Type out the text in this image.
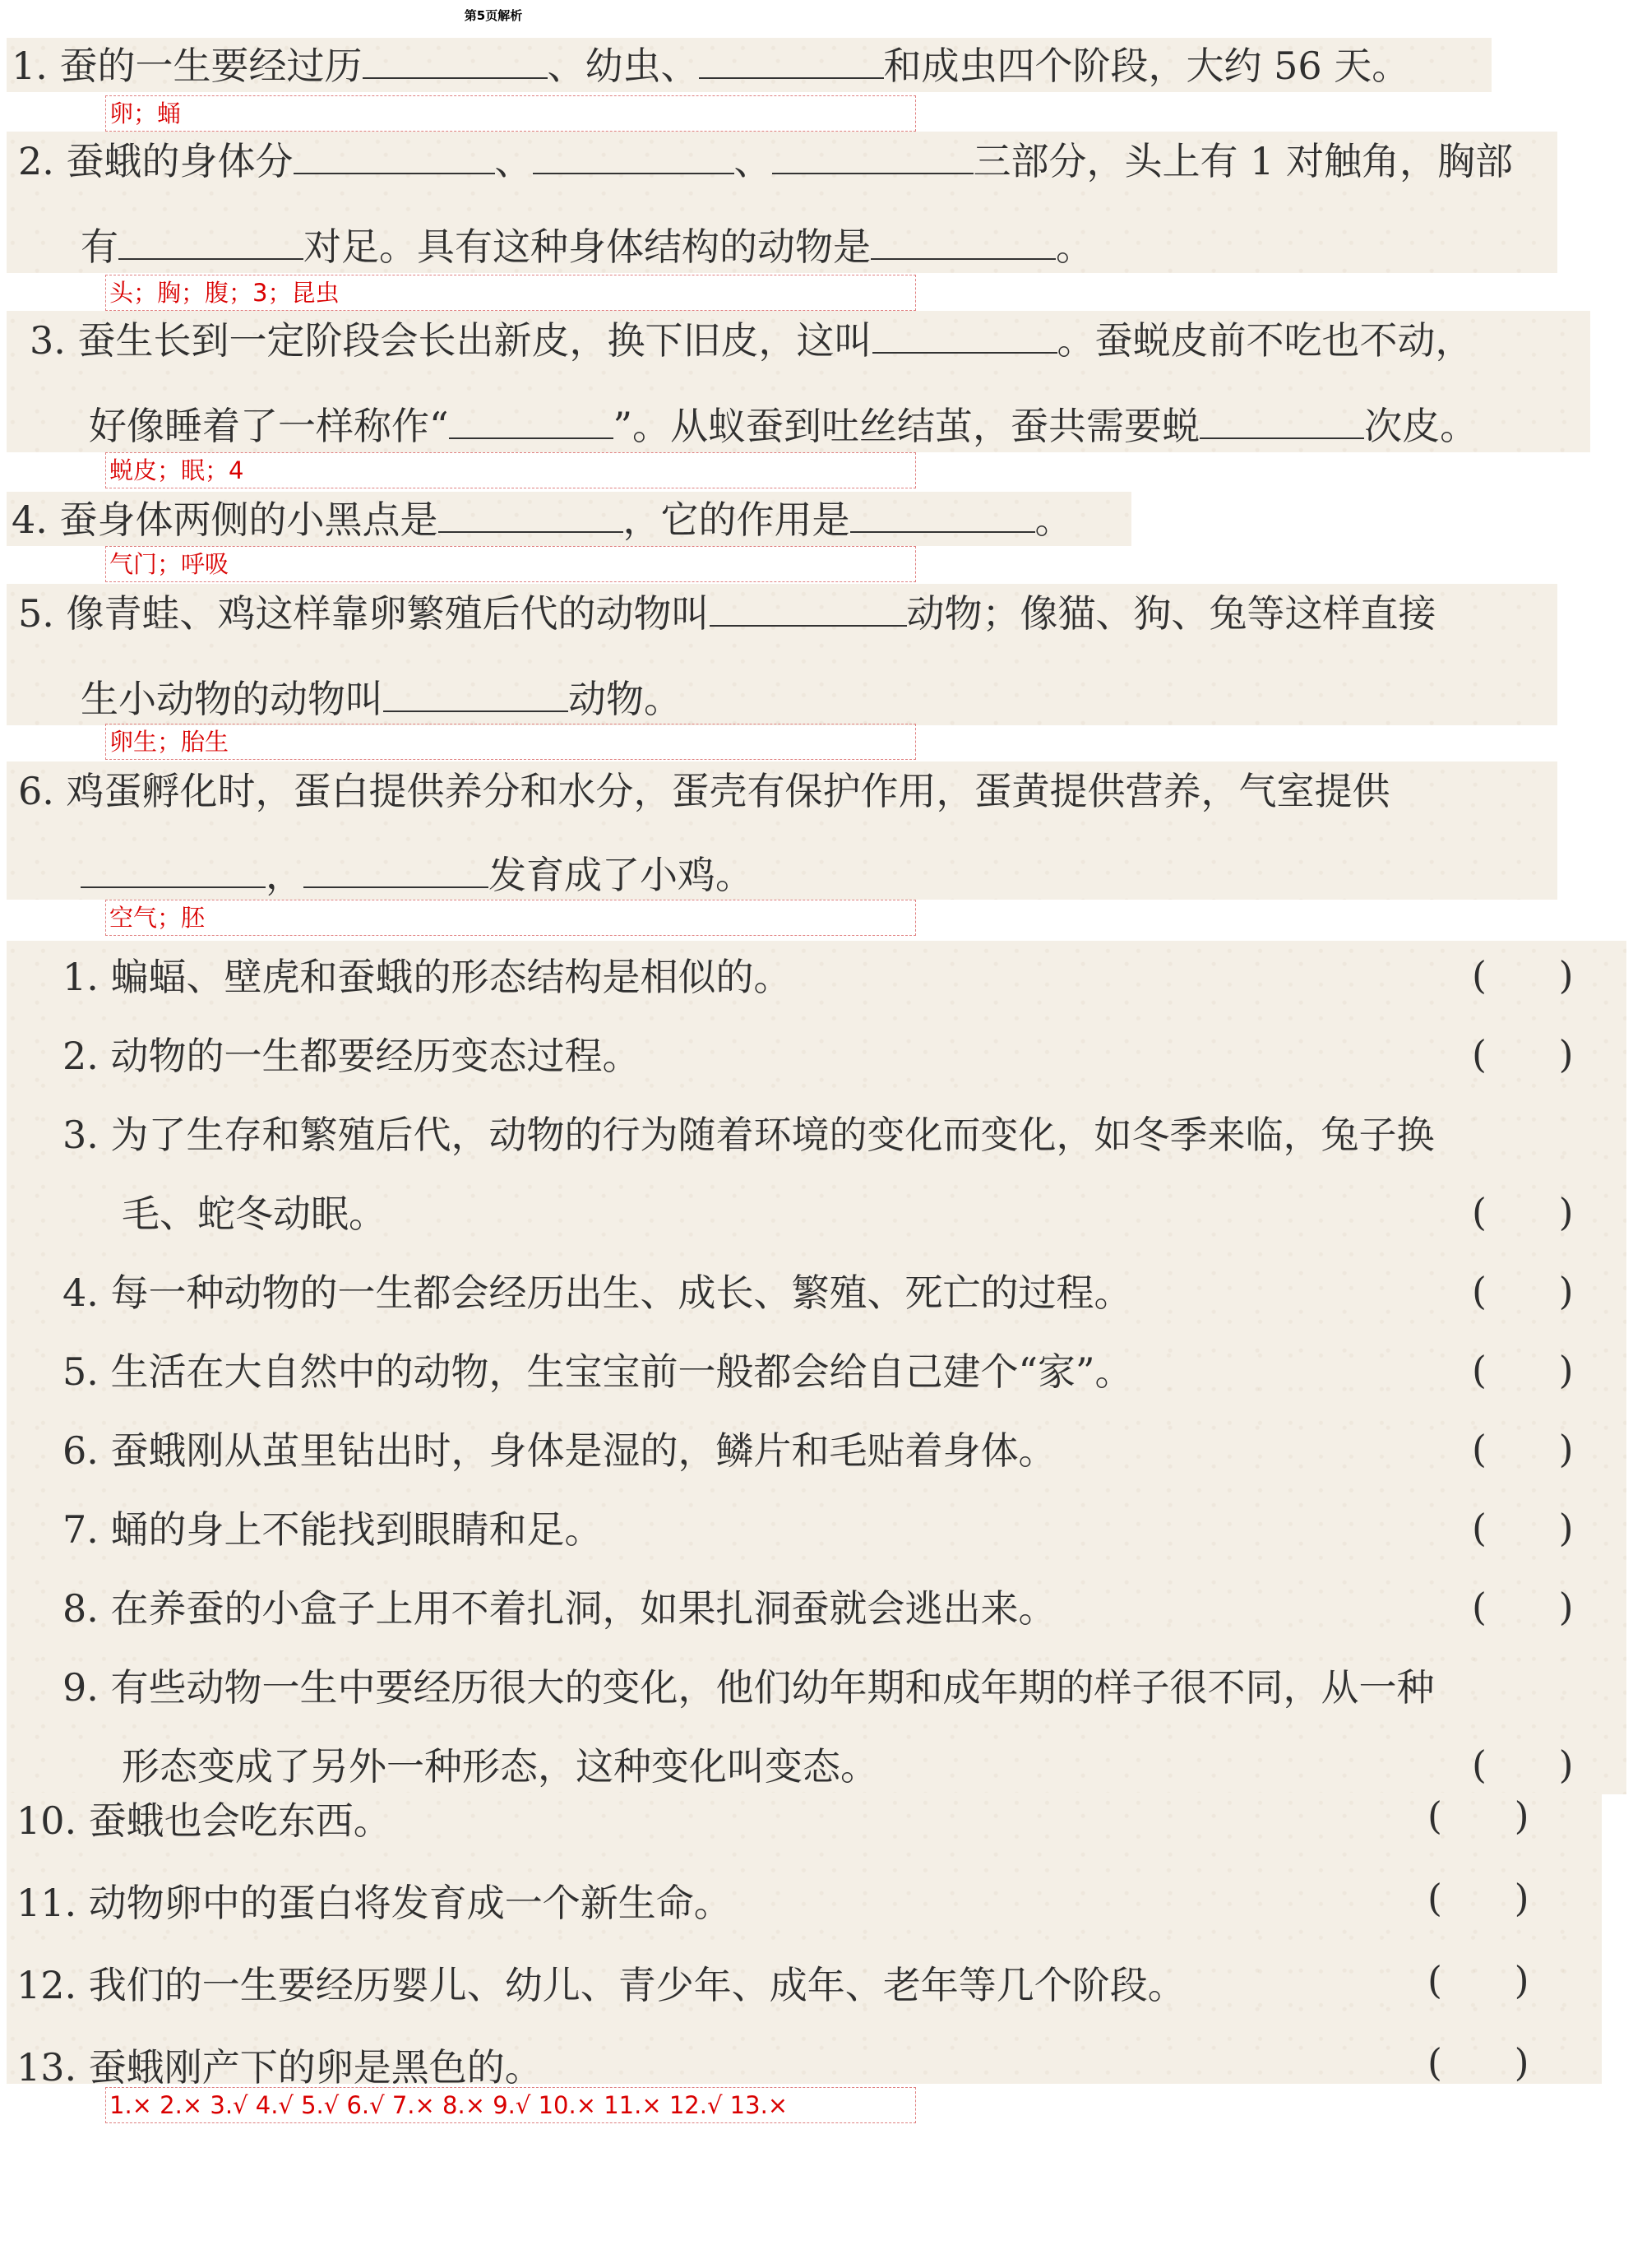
第5页解析
1. 蚕的一生要经过历	、幼虫、	和成虫四个阶段，大约 56 天。
卵；蛹
2. 蚕蛾的身体分	、	、	三部分，头上有 1 对触角，胸部
有	对足。具有这种身体结构的动物是	。
头；胸；腹；3；昆虫
3. 蚕生长到一定阶段会长出新皮，换下旧皮，这叫	。蚕蜕皮前不吃也不动，
好像睡着了一样称作“	”。从蚁蚕到吐丝结茧，蚕共需要蜕	次皮。
蜕皮；眠；4
4. 蚕身体两侧的小黑点是	，它的作用是	。
气门；呼吸
5. 像青蛙、鸡这样靠卵繁殖后代的动物叫	动物；像猫、狗、兔等这样直接
生小动物的动物叫	动物。
卵生；胎生
6. 鸡蛋孵化时，蛋白提供养分和水分，蛋壳有保护作用，蛋黄提供营养，气室提供
，	发育成了小鸡。
空气；胚
1. 蝙蝠、壁虎和蚕蛾的形态结构是相似的。	(      )
2. 动物的一生都要经历变态过程。	(      )
3. 为了生存和繁殖后代，动物的行为随着环境的变化而变化，如冬季来临，兔子换
毛、蛇冬动眠。	(      )
4. 每一种动物的一生都会经历出生、成长、繁殖、死亡的过程。	(      )
5. 生活在大自然中的动物，生宝宝前一般都会给自己建个“家”。	(      )
6. 蚕蛾刚从茧里钻出时，身体是湿的，鳞片和毛贴着身体。	(      )
7. 蛹的身上不能找到眼睛和足。	(      )
8. 在养蚕的小盒子上用不着扎洞，如果扎洞蚕就会逃出来。	(      )
9. 有些动物一生中要经历很大的变化，他们幼年期和成年期的样子很不同，从一种
形态变成了另外一种形态，这种变化叫变态。	(      )
10. 蚕蛾也会吃东西。	(      )
11. 动物卵中的蛋白将发育成一个新生命。	(      )
12. 我们的一生要经历婴儿、幼儿、青少年、成年、老年等几个阶段。	(      )
13. 蚕蛾刚产下的卵是黑色的。	(      )
1.× 2.× 3.√ 4.√ 5.√ 6.√ 7.× 8.× 9.√ 10.× 11.× 12.√ 13.×
